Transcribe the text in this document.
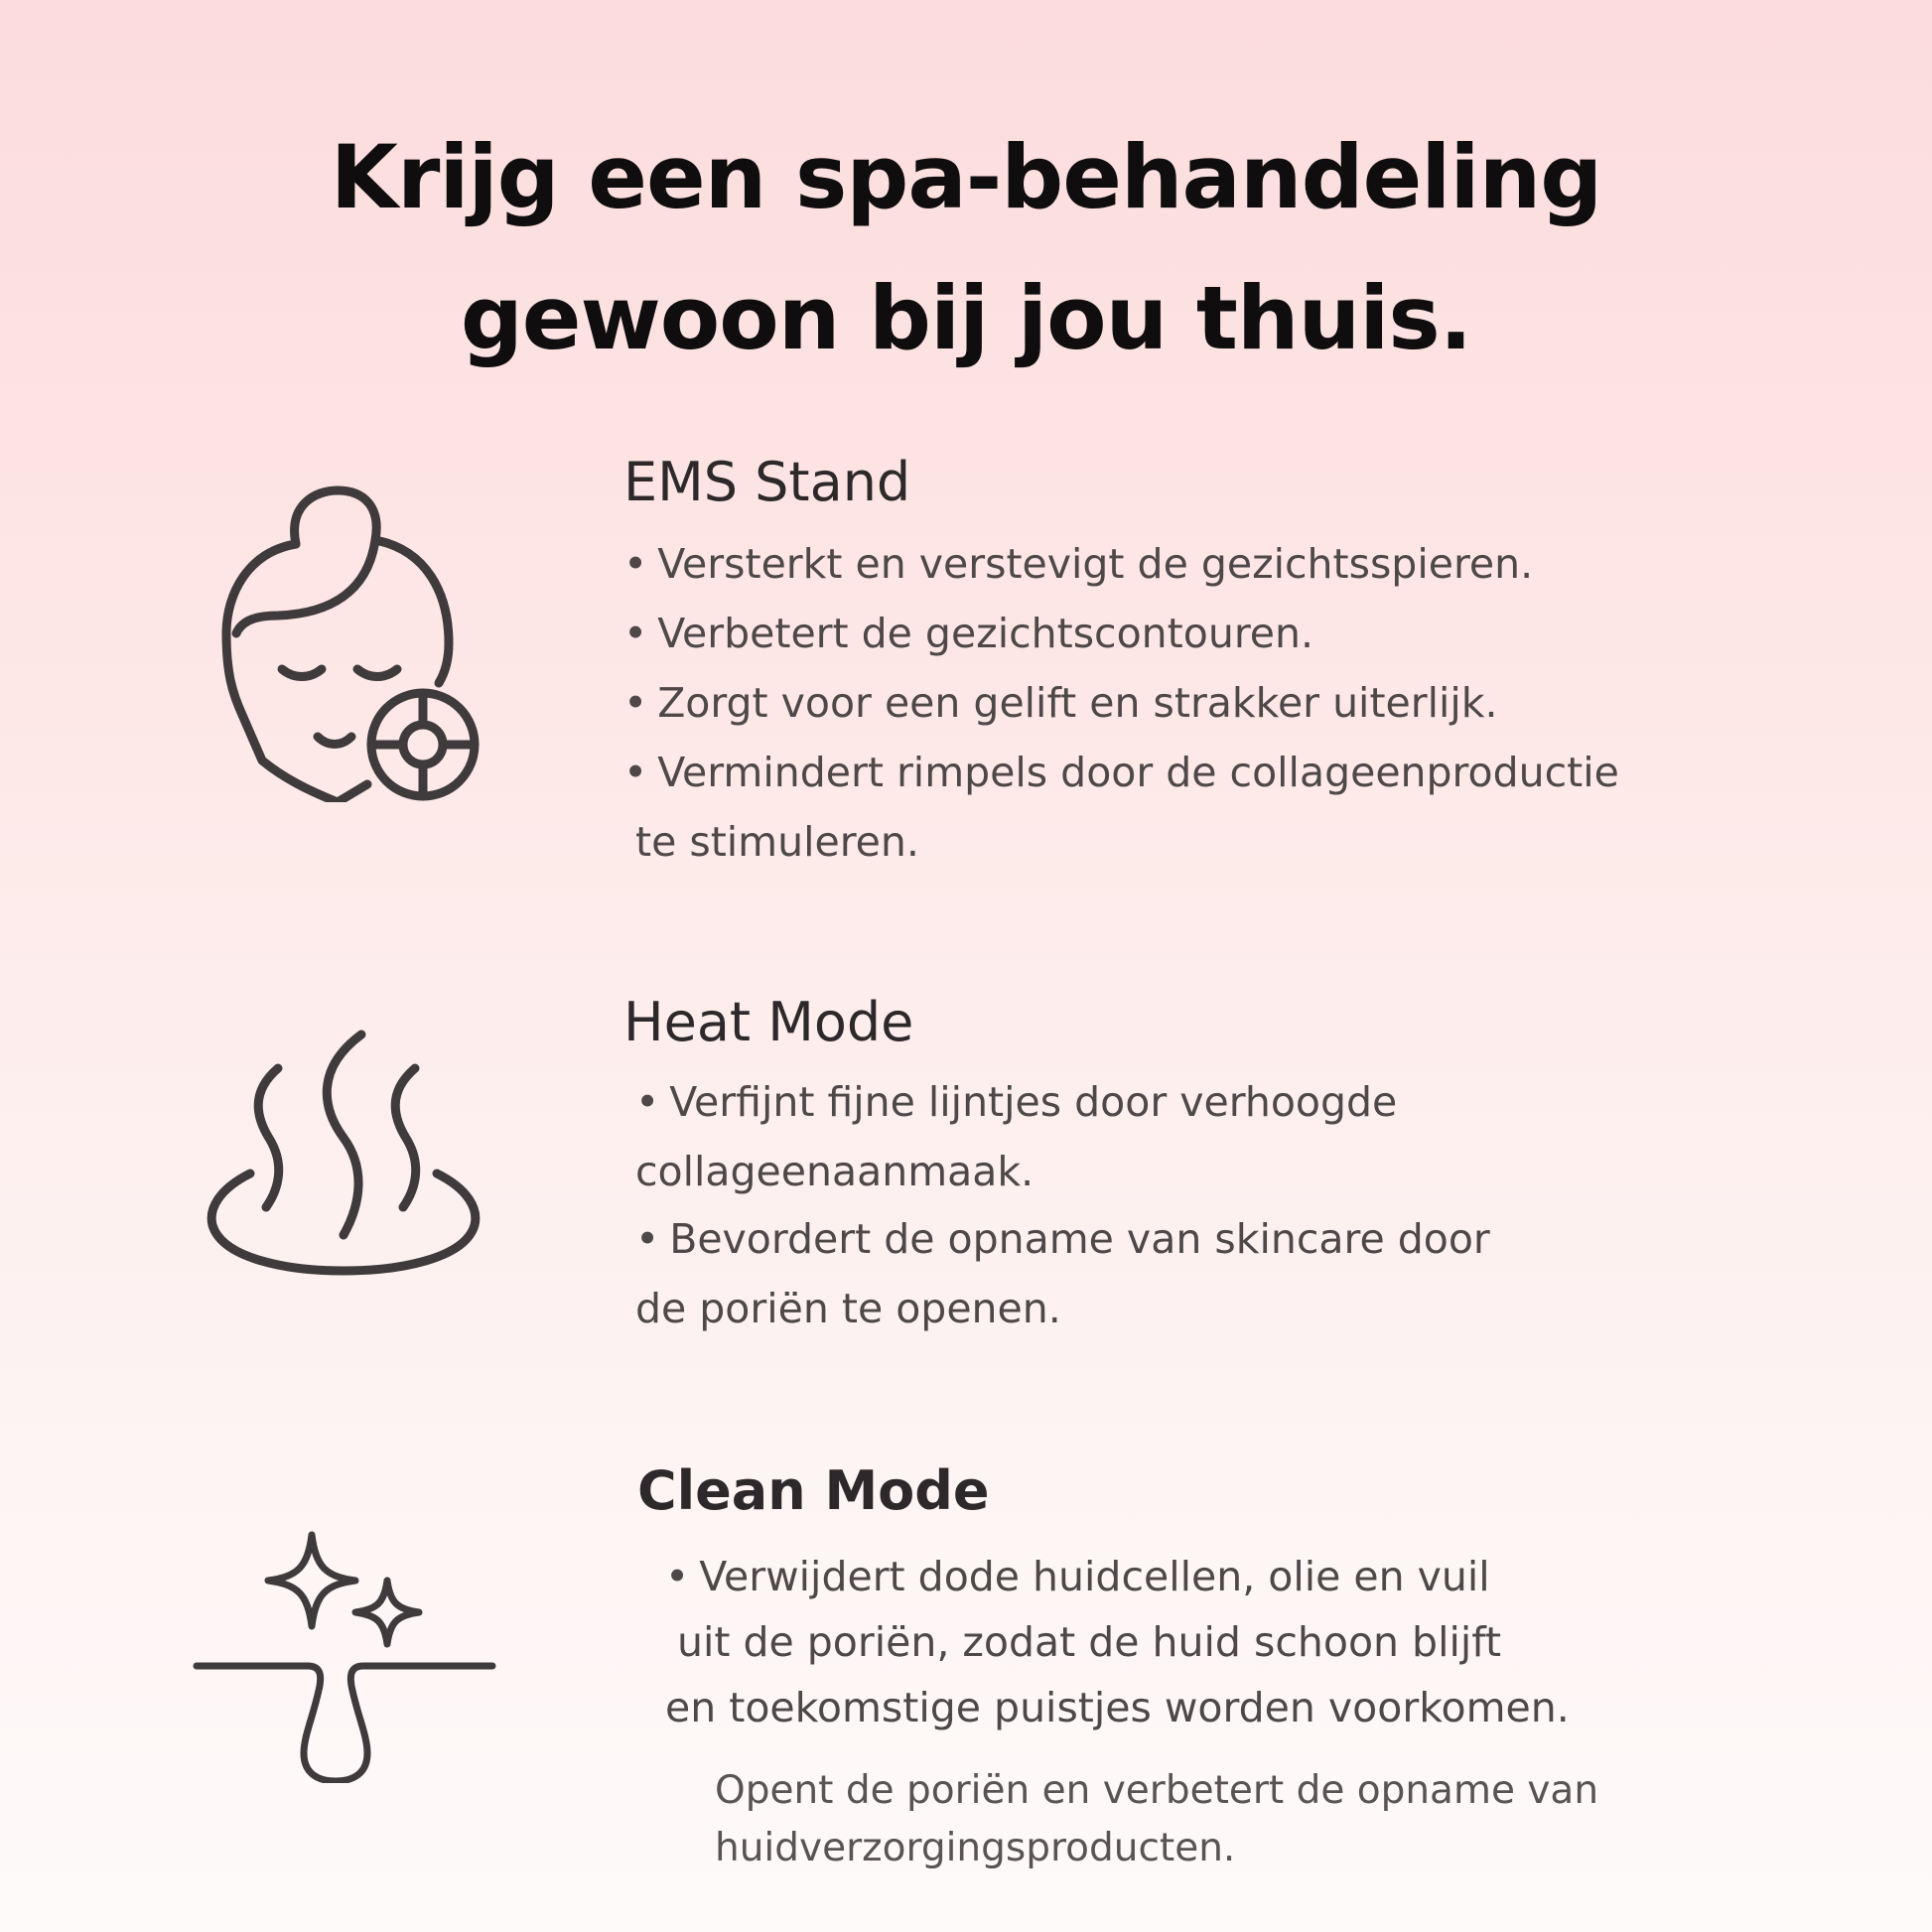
Krijg een spa-behandeling
gewoon bij jou thuis.
EMS Stand

• Versterkt en verstevigt de gezichtsspieren.

• Verbetert de gezichtscontouren.

• Zorgt voor een gelift en strakker uiterlijk.

• Vermindert rimpels door de collageenproductie

te stimuleren.

Heat Mode

• Verfijnt fijne lijntjes door verhoogde

collageenaanmaak.

• Bevordert de opname van skincare door

de poriën te openen.

Clean Mode

• Verwijdert dode huidcellen, olie en vuil

uit de poriën, zodat de huid schoon blijft

en toekomstige puistjes worden voorkomen.

Opent de poriën en verbetert de opname van

huidverzorgingsproducten.
